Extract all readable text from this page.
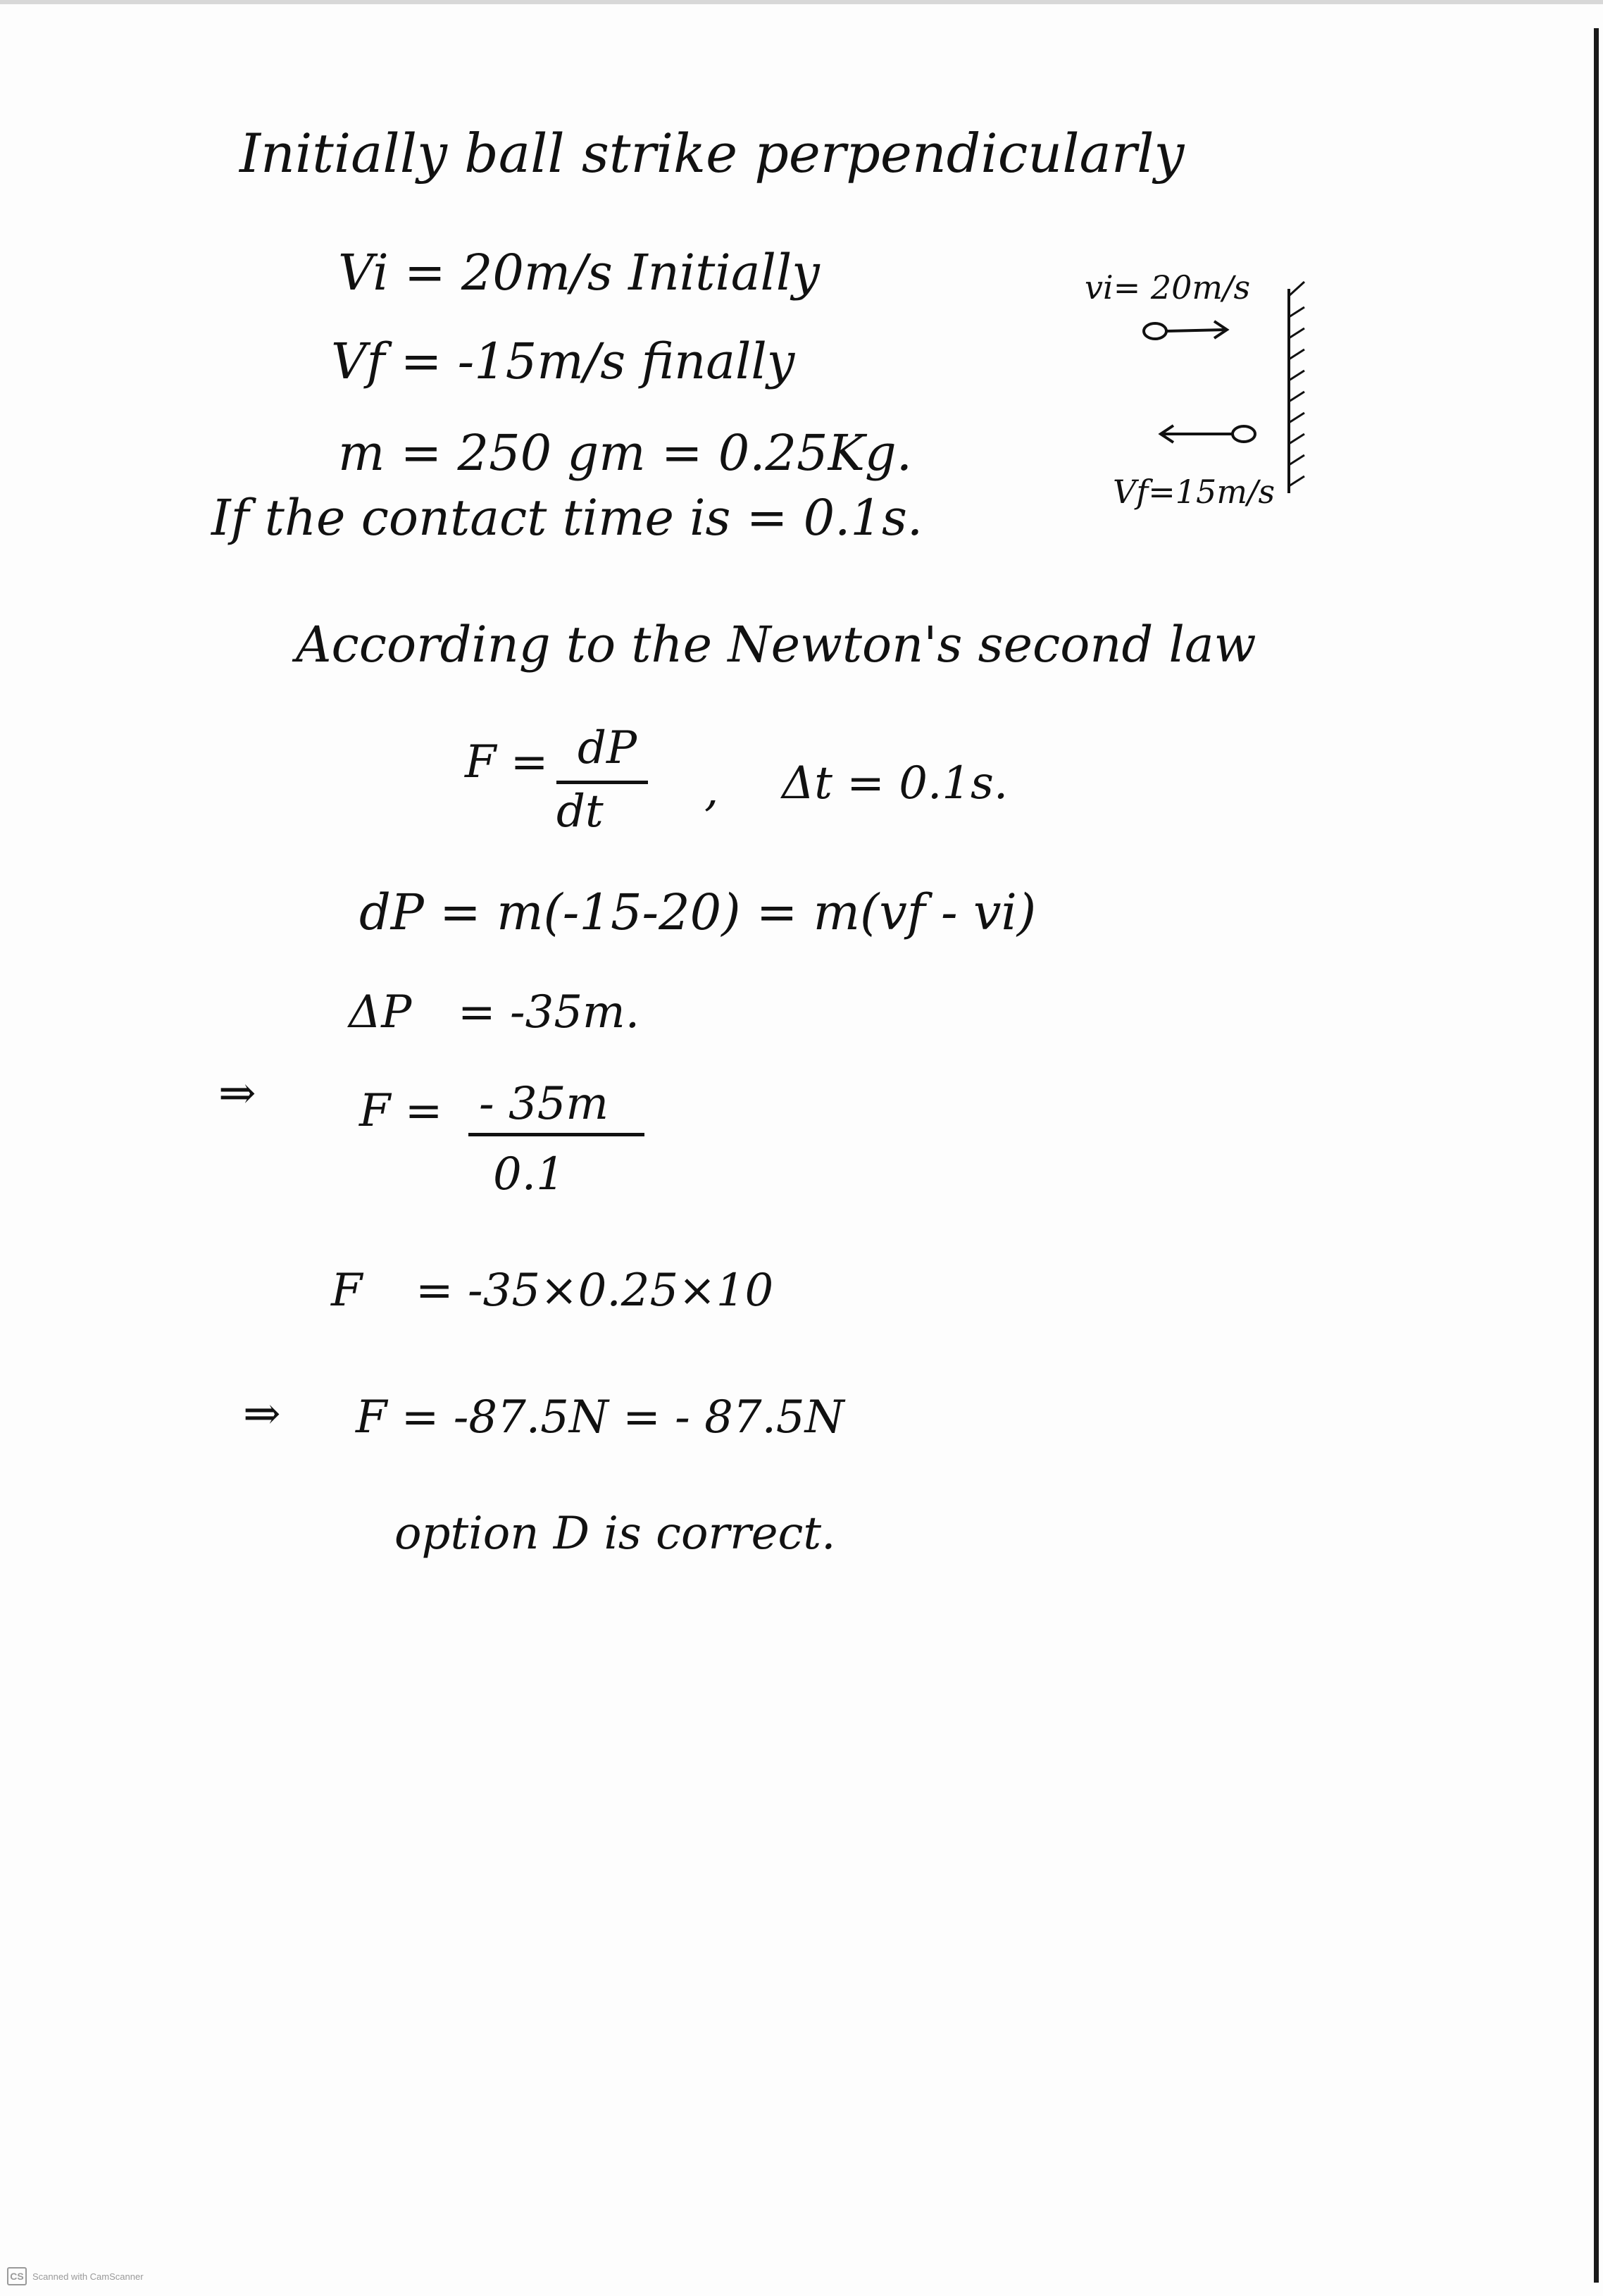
Initially ball strike perpendicularly
Vi = 20m/s Initially
Vf = -15m/s finally
m = 250 gm = 0.25Kg.
If the contact time is = 0.1s.
vi= 20m/s
Vf=15m/s
According to the Newton's second law
F = dP
dt , Δt = 0.1s.
dP = m(-15-20) = m(vf - vi)
ΔP = -35m.
⇒ F = - 35m
0.1
F = -35×0.25×10
⇒ F = -87.5N = - 87.5N
option D is correct.
CS Scanned with CamScanner
